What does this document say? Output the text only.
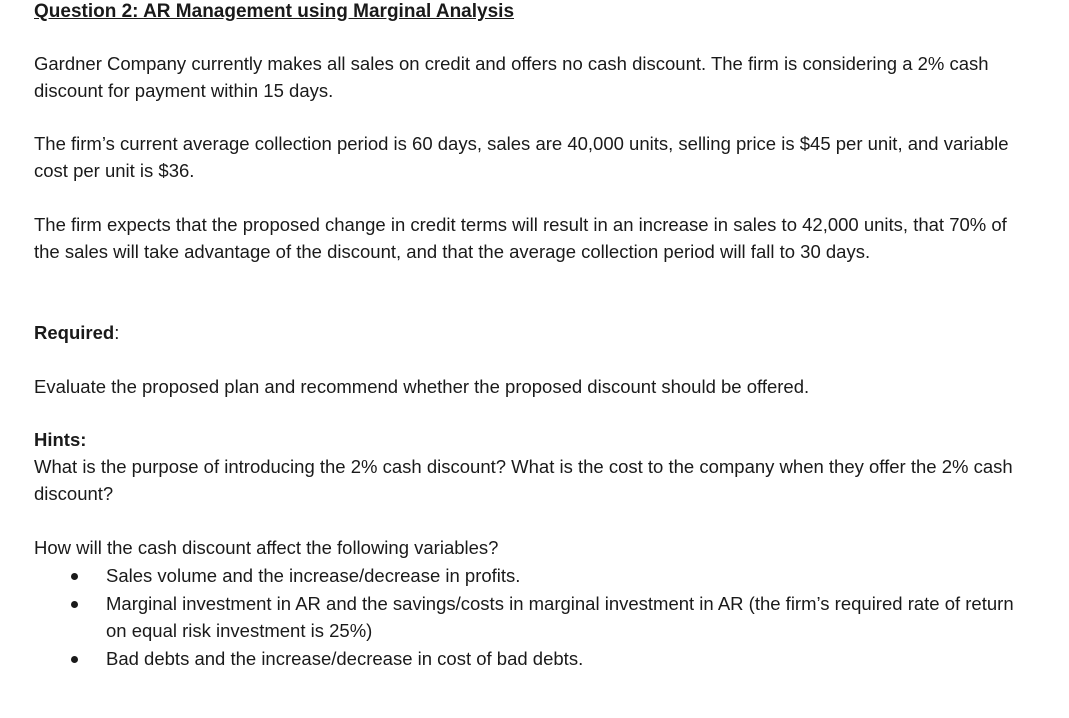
Question 2: AR Management using Marginal Analysis

Gardner Company currently makes all sales on credit and offers no cash discount. The firm is considering a 2% cash discount for payment within 15 days.

The firm’s current average collection period is 60 days, sales are 40,000 units, selling price is $45 per unit, and variable cost per unit is $36.

The firm expects that the proposed change in credit terms will result in an increase in sales to 42,000 units, that 70% of the sales will take advantage of the discount, and that the average collection period will fall to 30 days.

Required:

Evaluate the proposed plan and recommend whether the proposed discount should be offered.

Hints:

What is the purpose of introducing the 2% cash discount? What is the cost to the company when they offer the 2% cash discount?

How will the cash discount affect the following variables?

Sales volume and the increase/decrease in profits.
Marginal investment in AR and the savings/costs in marginal investment in AR (the firm’s required rate of return on equal risk investment is 25%)
Bad debts and the increase/decrease in cost of bad debts.
